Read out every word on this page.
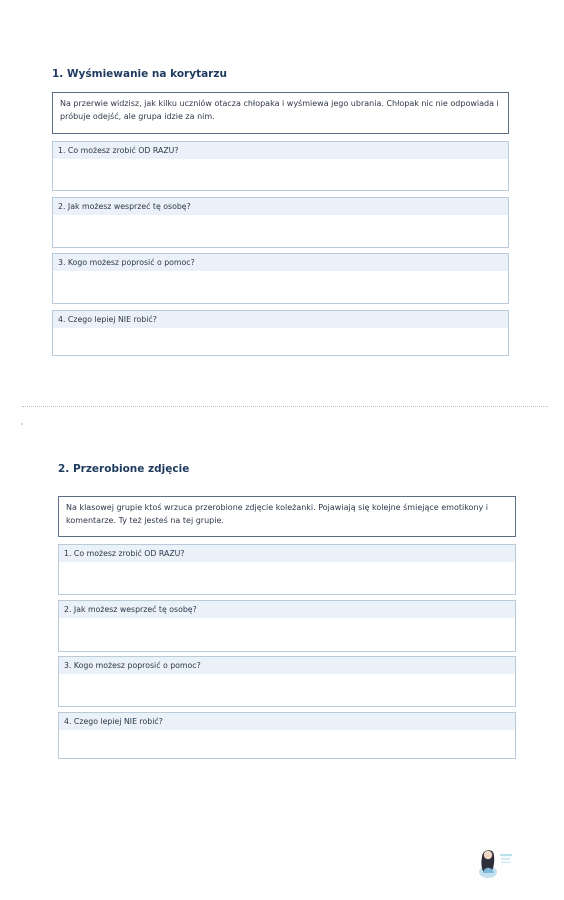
1. Wyśmiewanie na korytarzu
Na przerwie widzisz, jak kilku uczniów otacza chłopaka i wyśmiewa jego ubrania. Chłopak nic nie odpowiada i próbuje odejść, ale grupa idzie za nim.
1. Co możesz zrobić OD RAZU?
2. Jak możesz wesprzeć tę osobę?
3. Kogo możesz poprosić o pomoc?
4. Czego lepiej NIE robić?
2. Przerobione zdjęcie
Na klasowej grupie ktoś wrzuca przerobione zdjęcie koleżanki. Pojawiają się kolejne śmiejące emotikony i komentarze. Ty też jesteś na tej grupie.
1. Co możesz zrobić OD RAZU?
2. Jak możesz wesprzeć tę osobę?
3. Kogo możesz poprosić o pomoc?
4. Czego lepiej NIE robić?
